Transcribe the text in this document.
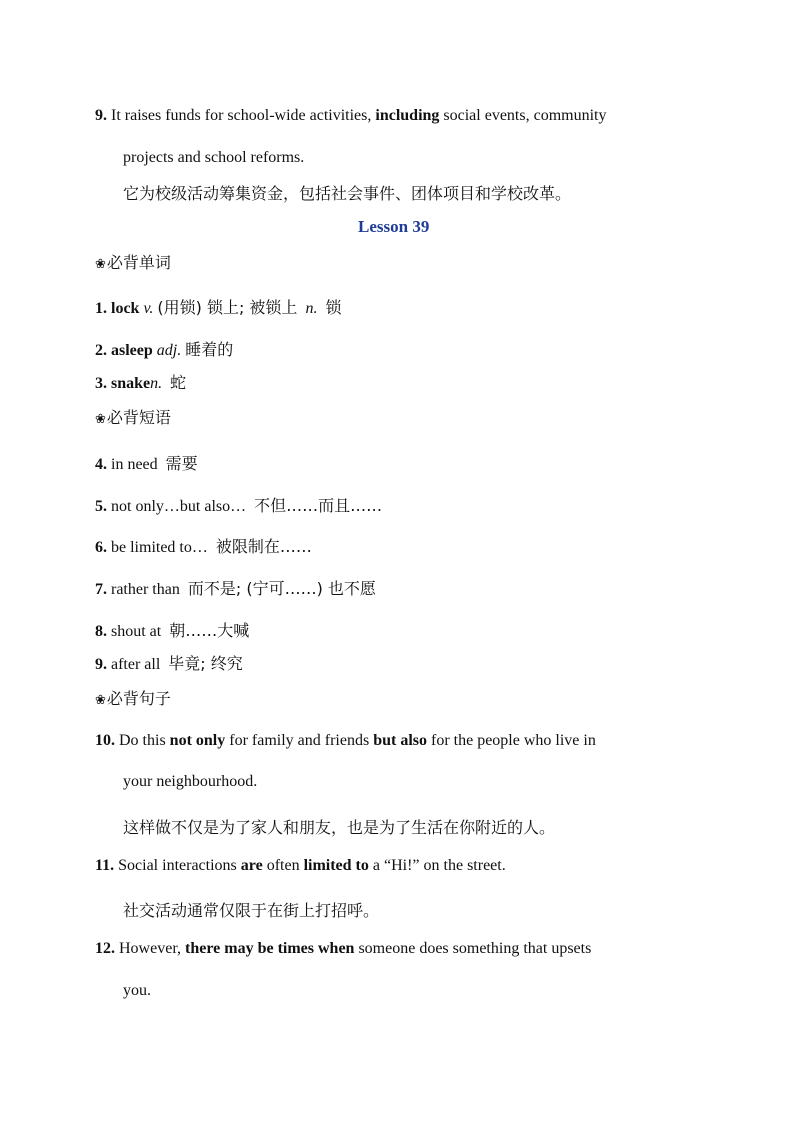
9. It raises funds for school-wide activities, including social events, community
projects and school reforms.
它为校级活动筹集资金，包括社会事件、团体项目和学校改革。
Lesson 39
❀必背单词
1. lock v. (用锁) 锁上; 被锁上 n. 锁
2. asleep adj. 睡着的
3. snaken. 蛇
❀必背短语
4. in need 需要
5. not only…but also… 不但……而且……
6. be limited to… 被限制在……
7. rather than 而不是; (宁可……) 也不愿
8. shout at 朝……大喊
9. after all 毕竟; 终究
❀必背句子
10. Do this not only for family and friends but also for the people who live in
your neighbourhood.
这样做不仅是为了家人和朋友，也是为了生活在你附近的人。
11. Social interactions are often limited to a “Hi!” on the street.
社交活动通常仅限于在街上打招呼。
12. However, there may be times when someone does something that upsets
you.
